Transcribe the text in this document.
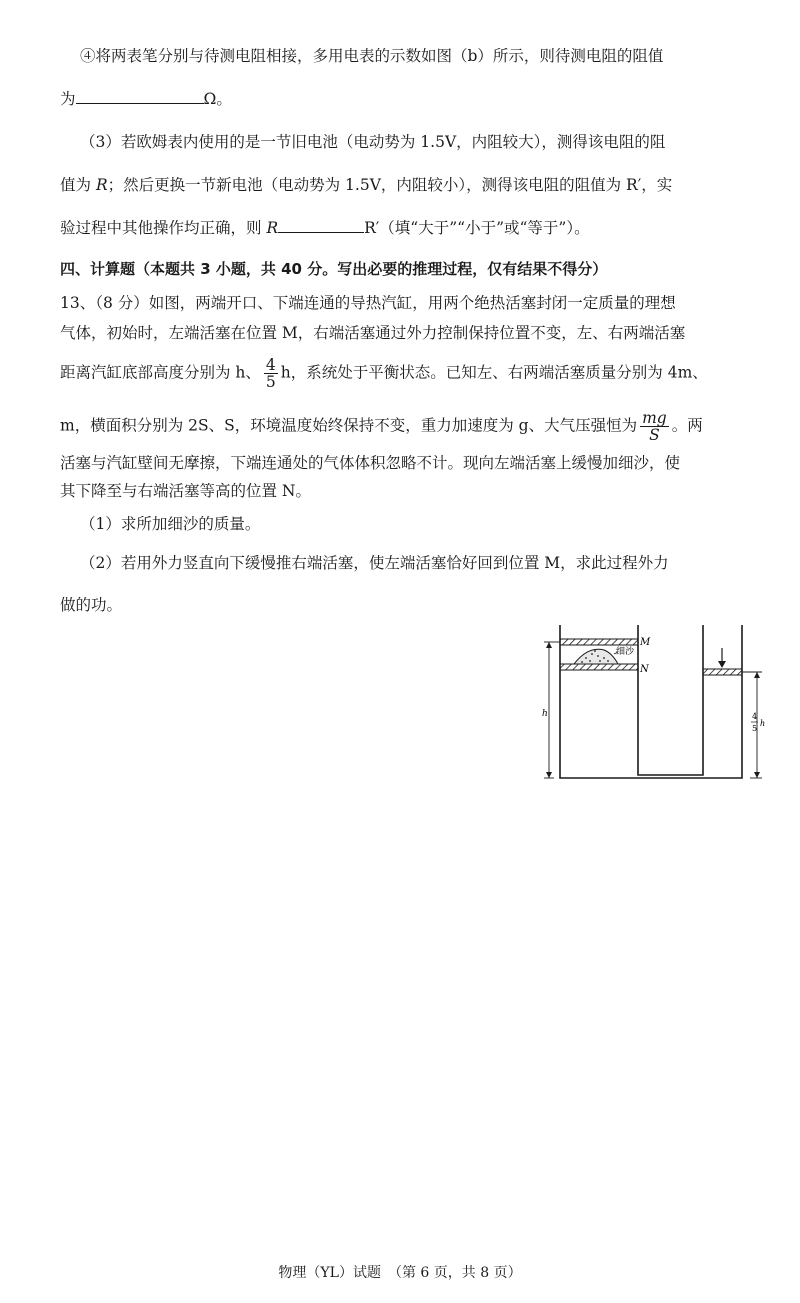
④将两表笔分别与待测电阻相接，多用电表的示数如图（b）所示，则待测电阻的阻值
为	Ω。
（3）若欧姆表内使用的是一节旧电池（电动势为 1.5V，内阻较大），测得该电阻的阻
值为 R；然后更换一节新电池（电动势为 1.5V，内阻较小），测得该电阻的阻值为 R′，实
验过程中其他操作均正确，则 R	R′（填“大于”“小于”或“等于”）。
四、计算题（本题共 3 小题，共 40 分。写出必要的推理过程，仅有结果不得分）
13、（8 分）如图，两端开口、下端连通的导热汽缸，用两个绝热活塞封闭一定质量的理想
气体，初始时，左端活塞在位置 M，右端活塞通过外力控制保持位置不变，左、右两端活塞
距离汽缸底部高度分别为 h、 $\frac{4}{5}$ h，系统处于平衡状态。已知左、右两端活塞质量分别为 4m、
m，横面积分别为 2S、S，环境温度始终保持不变，重力加速度为 g、大气压强恒为 $\frac{mg}{S}$ 。两
活塞与汽缸壁间无摩擦，下端连通处的气体体积忽略不计。现向左端活塞上缓慢加细沙，使
其下降至与右端活塞等高的位置 N。
（1）求所加细沙的质量。
（2）若用外力竖直向下缓慢推右端活塞，使左端活塞恰好回到位置 M，求此过程外力
做的功。
M
细沙
N
h	4
5
h
物理（YL）试题　（第 6 页，共 8 页）
